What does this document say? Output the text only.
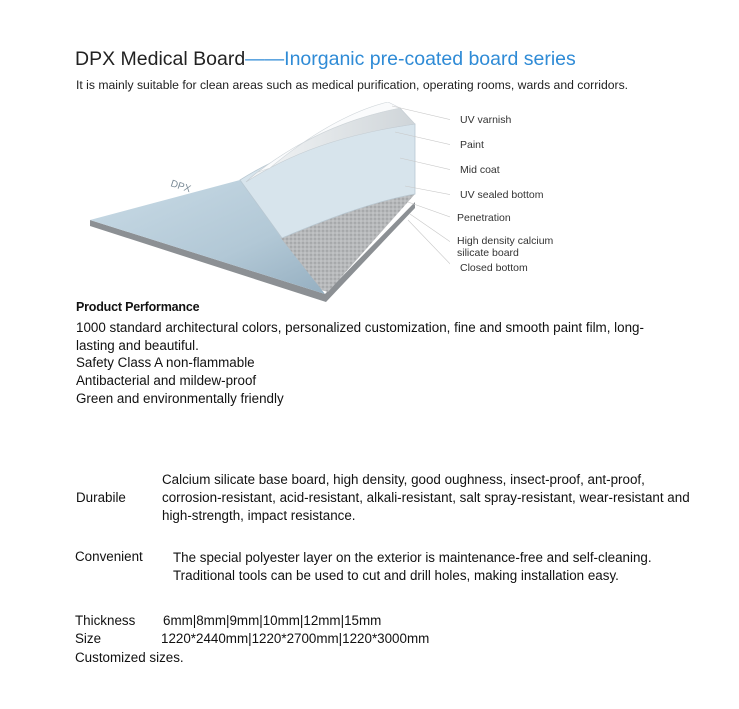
DPX Medical Board——Inorganic pre-coated board series
It is mainly suitable for clean areas such as medical purification, operating rooms, wards and corridors.
DPX
UV varnish
Paint
Mid coat
UV sealed bottom
Penetration
High density calcium
silicate board
Closed bottom
Product Performance
1000 standard architectural colors, personalized customization, fine and smooth paint film, long-
lasting and beautiful.
Safety Class A non-flammable
Antibacterial and mildew-proof
Green and environmentally friendly
Durabile
Calcium silicate base board, high density, good oughness, insect-proof, ant-proof, corrosion-resistant, acid-resistant, alkali-resistant, salt spray-resistant, wear-resistant and high-strength, impact resistance.
Convenient The special polyester layer on the exterior is maintenance-free and self-cleaning. Traditional tools can be used to cut and drill holes, making installation easy.
Thickness 6mm|8mm|9mm|10mm|12mm|15mm
Size	1220*2440mm|1220*2700mm|1220*3000mm
Customized sizes.
